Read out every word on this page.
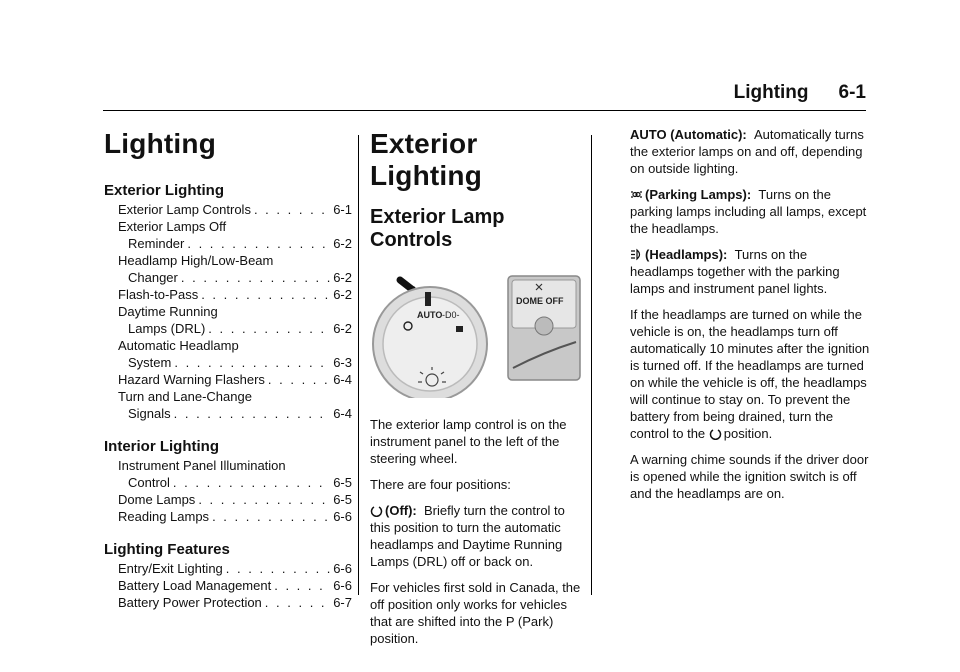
Lighting 6-1
Lighting
Exterior Lighting
Exterior Lamp Controls . . .	6-1
Exterior Lamps Off
Reminder . . .	6-2
Headlamp High/Low-Beam
Changer . . .	6-2
Flash-to-Pass . . .	6-2
Daytime Running
Lamps (DRL) . . .	6-2
Automatic Headlamp
System . . .	6-3
Hazard Warning Flashers . . .	6-4
Turn and Lane-Change
Signals . . .	6-4
Interior Lighting
Instrument Panel Illumination
Control . . .	6-5
Dome Lamps . . .	6-5
Reading Lamps . . .	6-6
Lighting Features
Entry/Exit Lighting . . .	6-6
Battery Load Management . . .	6-6
Battery Power Protection . . .	6-7
Exterior Lighting
Exterior Lamp Controls
AUTO -D0-
DOME OFF

The exterior lamp control is on the instrument panel to the left of the steering wheel.

There are four positions:

(Off): Briefly turn the control to this position to turn the automatic headlamps and Daytime Running Lamps (DRL) off or back on.

For vehicles first sold in Canada, the off position only works for vehicles that are shifted into the P (Park) position.

AUTO (Automatic): Automatically turns the exterior lamps on and off, depending on outside lighting.

(Parking Lamps): Turns on the parking lamps including all lamps, except the headlamps.

(Headlamps): Turns on the headlamps together with the parking lamps and instrument panel lights.

If the headlamps are turned on while the vehicle is on, the headlamps turn off automatically 10 minutes after the ignition is turned off. If the headlamps are turned on while the vehicle is off, the headlamps will continue to stay on. To prevent the battery from being drained, turn the control to the position.

A warning chime sounds if the driver door is opened while the ignition switch is off and the headlamps are on.
